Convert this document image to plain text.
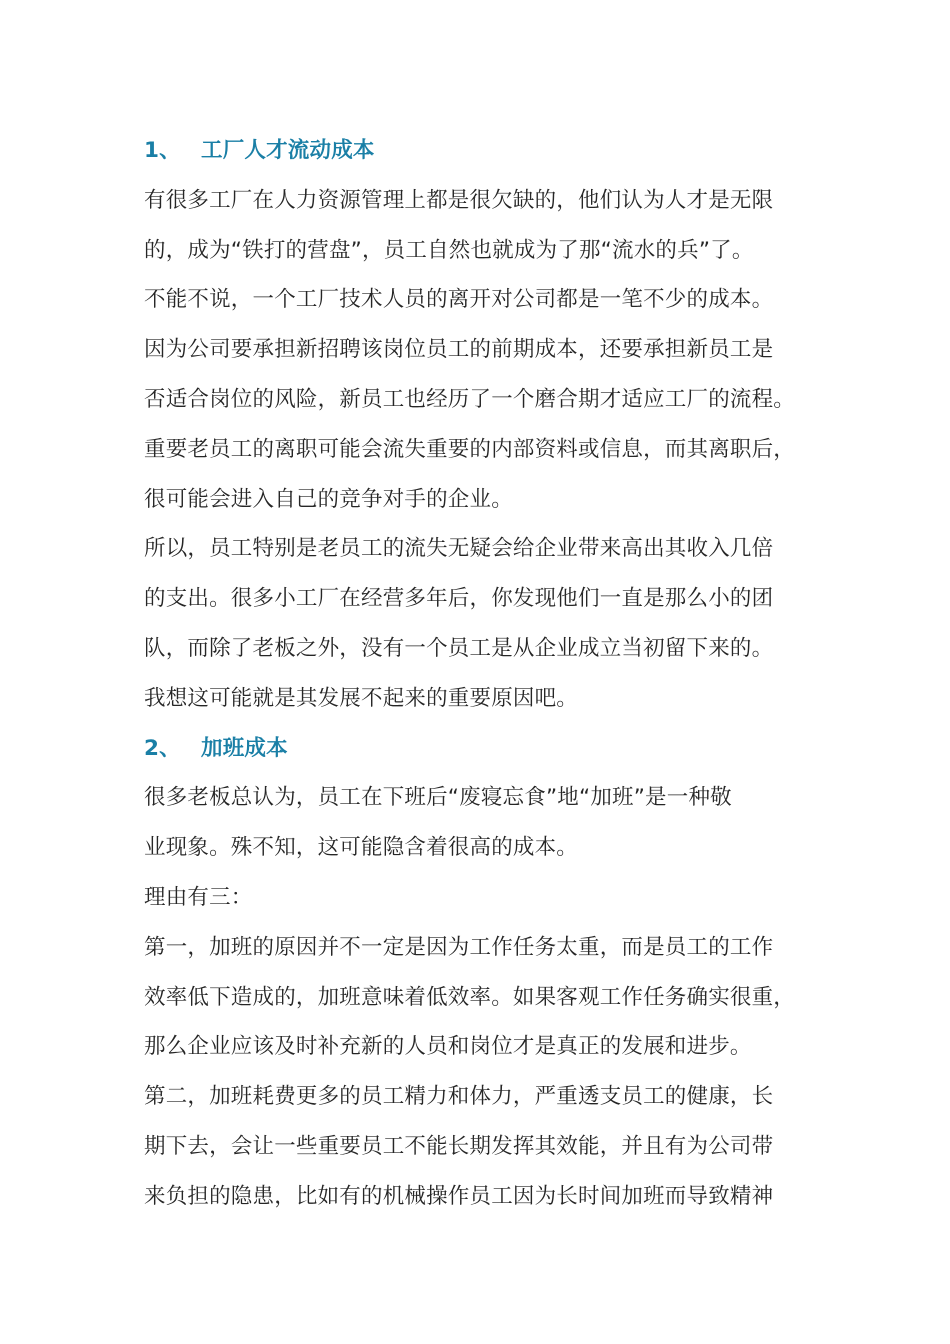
1、 工厂人才流动成本
有很多工厂在人力资源管理上都是很欠缺的，他们认为人才是无限
的，成为“铁打的营盘”，员工自然也就成为了那“流水的兵”了。
不能不说，一个工厂技术人员的离开对公司都是一笔不少的成本。
因为公司要承担新招聘该岗位员工的前期成本，还要承担新员工是
否适合岗位的风险，新员工也经历了一个磨合期才适应工厂的流程。
重要老员工的离职可能会流失重要的内部资料或信息，而其离职后，
很可能会进入自己的竞争对手的企业。
所以，员工特别是老员工的流失无疑会给企业带来高出其收入几倍
的支出。很多小工厂在经营多年后，你发现他们一直是那么小的团
队，而除了老板之外，没有一个员工是从企业成立当初留下来的。
我想这可能就是其发展不起来的重要原因吧。
2、 加班成本
很多老板总认为，员工在下班后“废寝忘食”地“加班”是一种敬
业现象。殊不知，这可能隐含着很高的成本。
理由有三：
第一，加班的原因并不一定是因为工作任务太重，而是员工的工作
效率低下造成的，加班意味着低效率。如果客观工作任务确实很重，
那么企业应该及时补充新的人员和岗位才是真正的发展和进步。
第二，加班耗费更多的员工精力和体力，严重透支员工的健康，长
期下去，会让一些重要员工不能长期发挥其效能，并且有为公司带
来负担的隐患，比如有的机械操作员工因为长时间加班而导致精神
